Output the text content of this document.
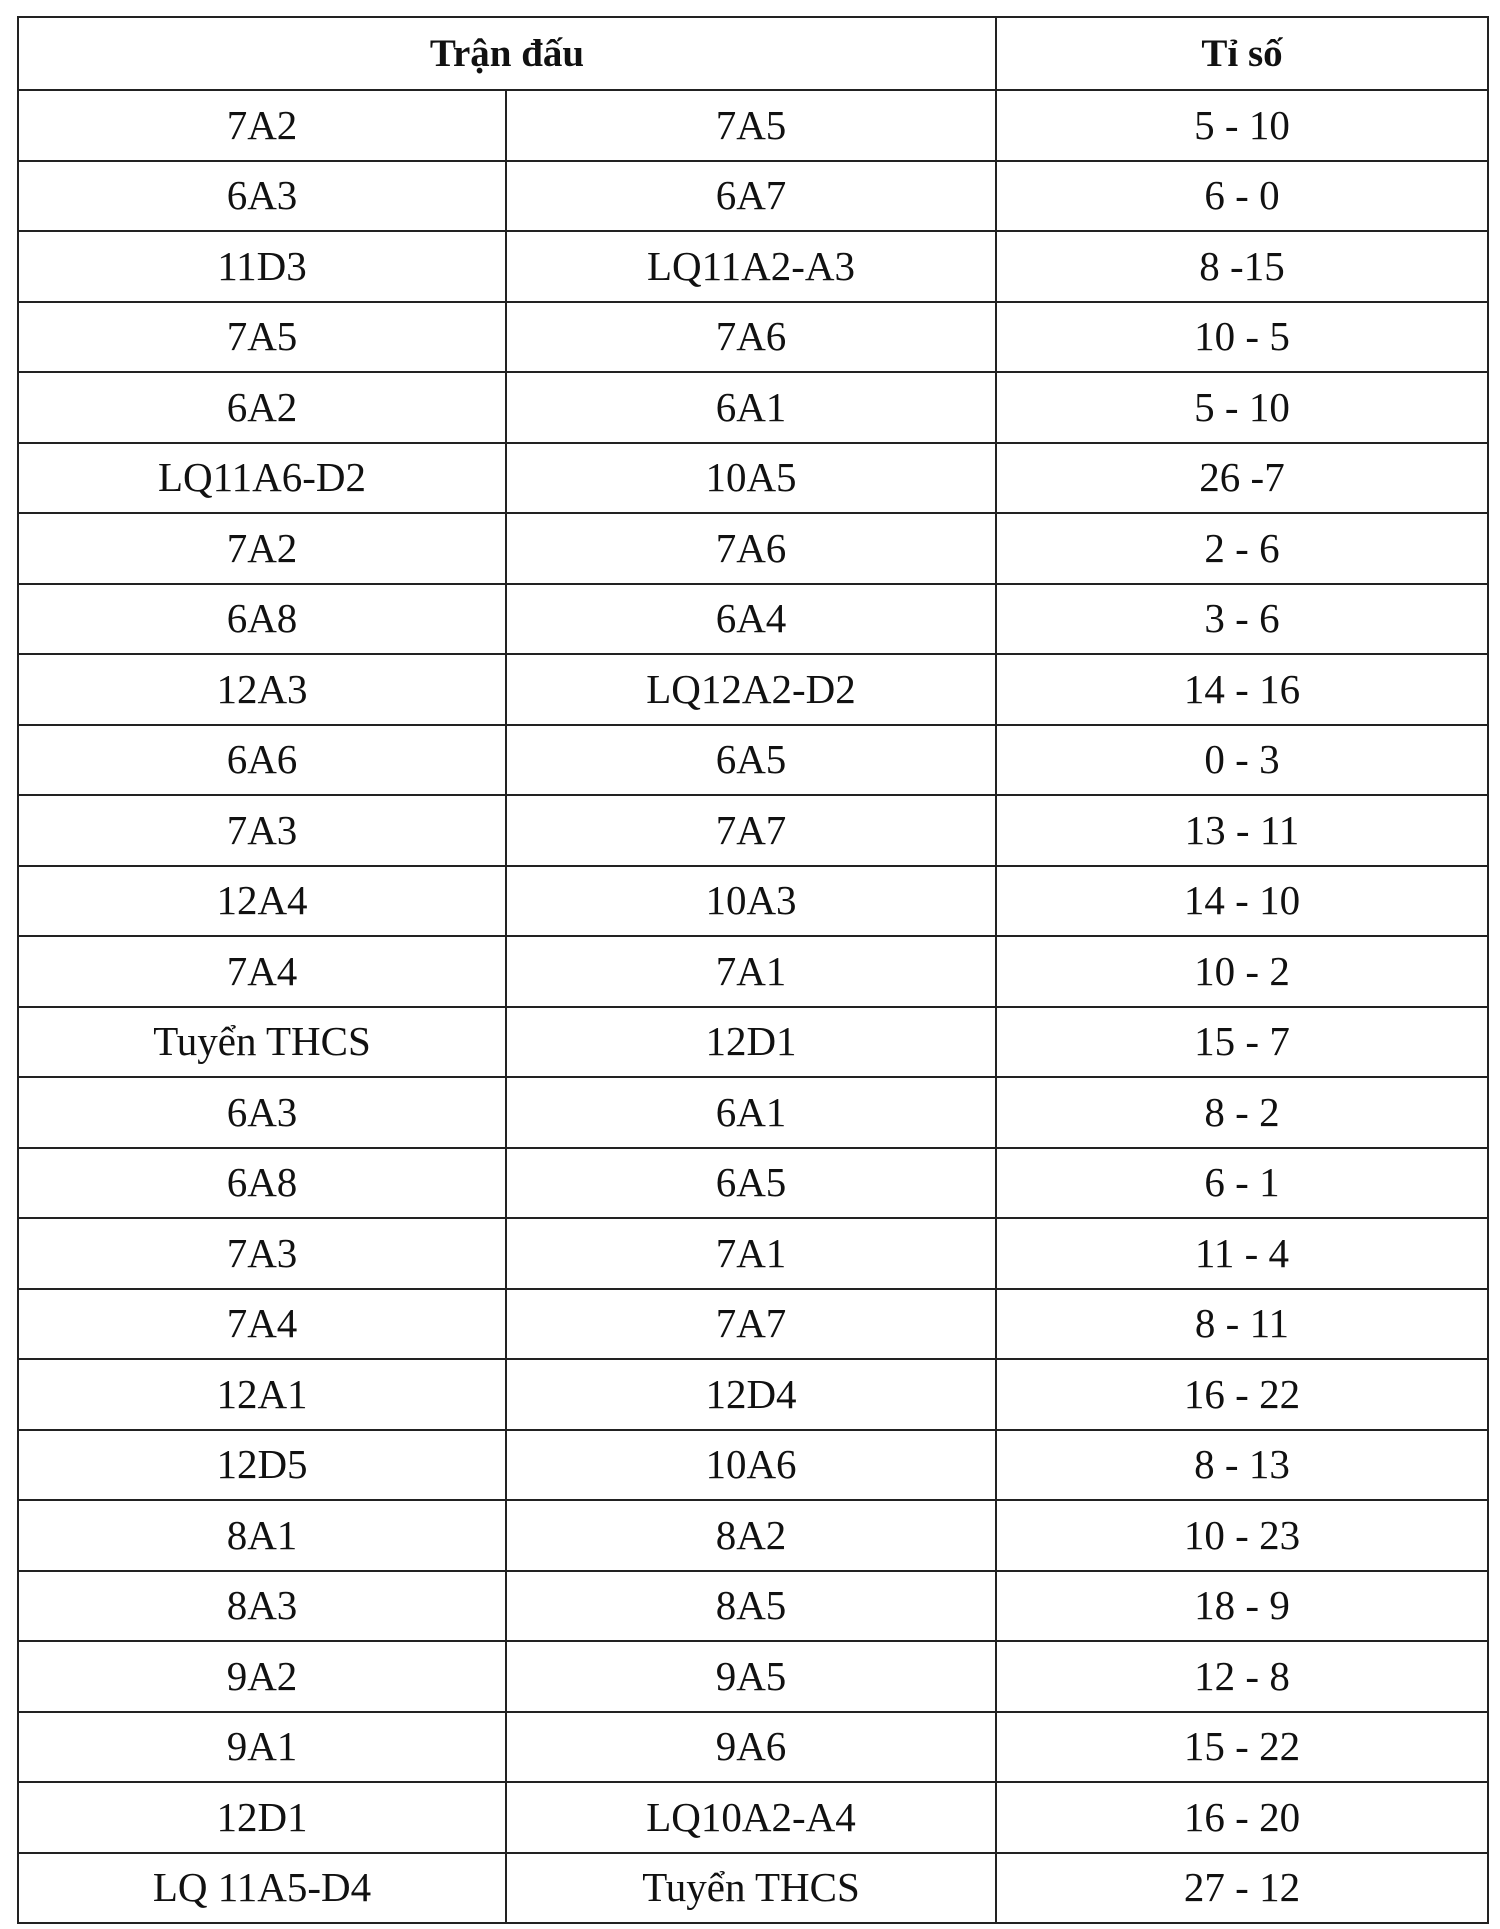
Trận đấu		Tỉ số
7A2	7A5	5 - 10
6A3	6A7	6 - 0
11D3	LQ11A2-A3	8 -15
7A5	7A6	10 - 5
6A2	6A1	5 - 10
LQ11A6-D2	10A5	26 -7
7A2	7A6	2 - 6
6A8	6A4	3 - 6
12A3	LQ12A2-D2	14 - 16
6A6	6A5	0 - 3
7A3	7A7	13 - 11
12A4	10A3	14 - 10
7A4	7A1	10 - 2
Tuyển THCS	12D1	15 - 7
6A3	6A1	8 - 2
6A8	6A5	6 - 1
7A3	7A1	11 - 4
7A4	7A7	8 - 11
12A1	12D4	16 - 22
12D5	10A6	8 - 13
8A1	8A2	10 - 23
8A3	8A5	18 - 9
9A2	9A5	12 - 8
9A1	9A6	15 - 22
12D1	LQ10A2-A4	16 - 20
LQ 11A5-D4	Tuyển THCS	27 - 12
